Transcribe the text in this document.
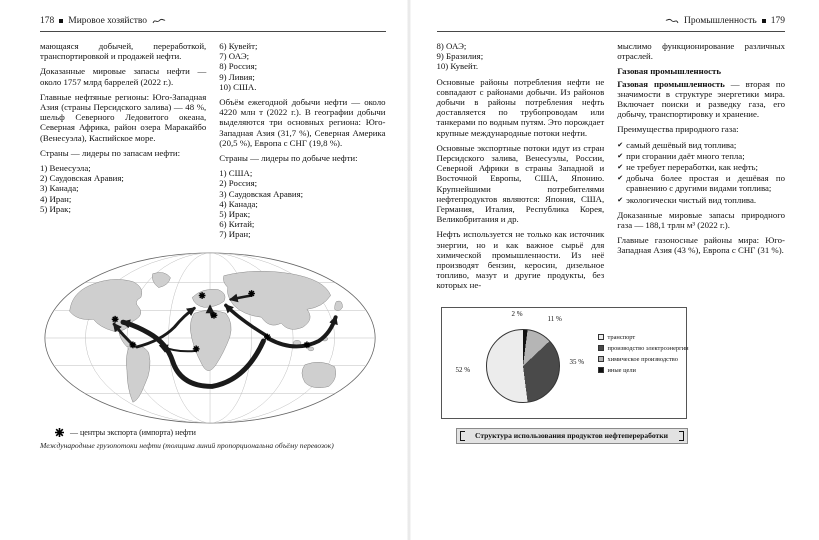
178 Мировое хозяйство

мающаяся добычей, переработкой, транспортировкой и продажей нефти.

Доказанные мировые запасы нефти — около 1757 млрд баррелей (2022 г.).

Главные нефтяные регионы: Юго-Западная Азия (страны Персидского залива) — 48 %, шельф Северного Ледовитого океана, Северная Африка, район озера Маракайбо (Венесуэла), Каспийское море.

Страны — лидеры по запасам нефти:

1) Венесуэла;
2) Саудовская Аравия;
3) Канада;
4) Иран;
5) Ирак;
6) Кувейт;
7) ОАЭ;
8) Россия;
9) Ливия;
10) США.

Объём ежегодной добычи нефти — около 4220 млн т (2022 г.). В географии добычи выделяются три основных региона: Юго-Западная Азия (31,7 %), Северная Америка (20,5 %), Европа с СНГ (19,8 %).

Страны — лидеры по добыче нефти:

1) США;
2) Россия;
3) Саудовская Аравия;
4) Канада;
5) Ирак;
6) Китай;
7) Иран;
— центры экспорта (импорта) нефти
Международные грузопотоки нефти (толщина линий пропорциональна объёму перевозок)
Промышленность 179
8) ОАЭ;
9) Бразилия;
10) Кувейт.

Основные районы потребления нефти не совпадают с районами добычи. Из районов добычи в районы потребления нефть доставляется по трубопроводам или танкерами по водным путям. Это порождает крупные международные потоки нефти.

Основные экспортные потоки идут из стран Персидского залива, Венесуэлы, России, Северной Африки в страны Западной и Восточной Европы, США, Японию. Крупнейшими потребителями нефтепродуктов являются: Япония, США, Германия, Италия, Республика Корея, Великобритания и др.

Нефть используется не только как источник энергии, но и как важное сырьё для химической промышленности. Из неё производят бензин, керосин, дизельное топливо, мазут и другие продукты, без которых не-

мыслимо функционирование различных отраслей.

Газовая промышленность

Газовая промышленность — вторая по значимости в структуре энергетики мира. Включает поиски и разведку газа, его добычу, транспортировку и хранение.

Преимущества природного газа:

✔ самый дешёвый вид топлива;
✔ при сгорании даёт много тепла;
✔ не требует переработки, как нефть;
✔ добыча более простая и дешёвая по сравнению с другими видами топлива;
✔ экологически чистый вид топлива.

Доказанные мировые запасы природного газа — 188,1 трлн м³ (2022 г.).

Главные газоносные районы мира: Юго-Западная Азия (43 %), Европа с СНГ (31 %).

52 %
35 %
11 %
2 %
транспорт
производство электроэнергии
химическое производство
иные цели
Структура использования продуктов нефтепереработки
